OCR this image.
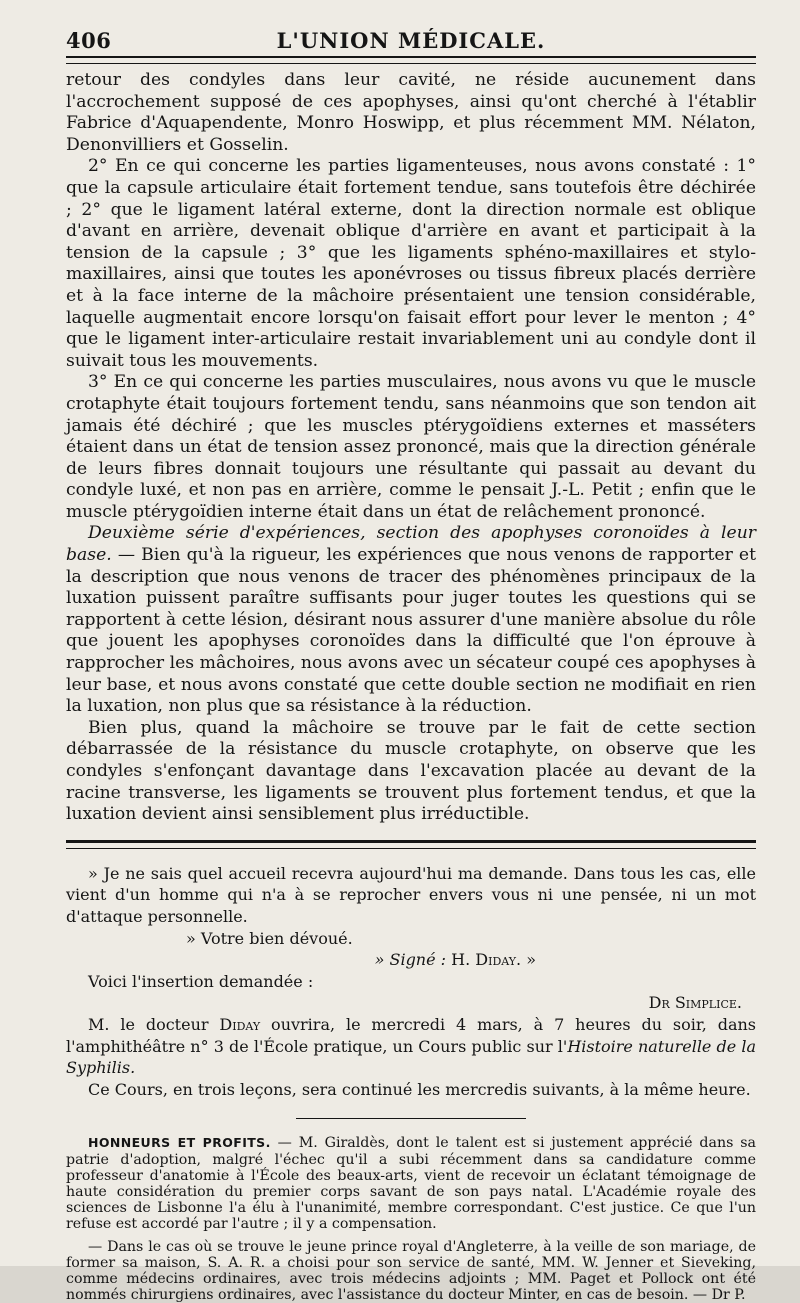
406	L'UNION MÉDICALE.

retour des condyles dans leur cavité, ne réside aucunement dans l'accrochement supposé de ces apophyses, ainsi qu'ont cherché à l'établir Fabrice d'Aquapendente, Monro Hoswipp, et plus récemment MM. Nélaton, Denonvilliers et Gosselin.

2° En ce qui concerne les parties ligamenteuses, nous avons constaté : 1° que la capsule articulaire était fortement tendue, sans toutefois être déchirée ; 2° que le ligament latéral externe, dont la direction normale est oblique d'avant en arrière, devenait oblique d'arrière en avant et participait à la tension de la capsule ; 3° que les ligaments sphéno-maxillaires et stylo-maxillaires, ainsi que toutes les aponévroses ou tissus fibreux placés derrière et à la face interne de la mâchoire présentaient une tension considérable, laquelle augmentait encore lorsqu'on faisait effort pour lever le menton ; 4° que le ligament inter-articulaire restait invariablement uni au condyle dont il suivait tous les mouvements.

3° En ce qui concerne les parties musculaires, nous avons vu que le muscle crotaphyte était toujours fortement tendu, sans néanmoins que son tendon ait jamais été déchiré ; que les muscles ptérygoïdiens externes et masséters étaient dans un état de tension assez prononcé, mais que la direction générale de leurs fibres donnait toujours une résultante qui passait au devant du condyle luxé, et non pas en arrière, comme le pensait J.-L. Petit ; enfin que le muscle ptérygoïdien interne était dans un état de relâchement prononcé.

Deuxième série d'expériences, section des apophyses coronoïdes à leur base. — Bien qu'à la rigueur, les expériences que nous venons de rapporter et la description que nous venons de tracer des phénomènes principaux de la luxation puissent paraître suffisants pour juger toutes les questions qui se rapportent à cette lésion, désirant nous assurer d'une manière absolue du rôle que jouent les apophyses coronoïdes dans la difficulté que l'on éprouve à rapprocher les mâchoires, nous avons avec un sécateur coupé ces apophyses à leur base, et nous avons constaté que cette double section ne modifiait en rien la luxation, non plus que sa résistance à la réduction.

Bien plus, quand la mâchoire se trouve par le fait de cette section débarrassée de la résistance du muscle crotaphyte, on observe que les condyles s'enfonçant davantage dans l'excavation placée au devant de la racine transverse, les ligaments se trouvent plus fortement tendus, et que la luxation devient ainsi sensiblement plus irréductible.

» Je ne sais quel accueil recevra aujourd'hui ma demande. Dans tous les cas, elle vient d'un homme qui n'a à se reprocher envers vous ni une pensée, ni un mot d'attaque personnelle.

» Votre bien dévoué.

» Signé : H. Diday. »

Voici l'insertion demandée :

Dr Simplice.

M. le docteur Diday ouvrira, le mercredi 4 mars, à 7 heures du soir, dans l'amphithéâtre n° 3 de l'École pratique, un Cours public sur l'Histoire naturelle de la Syphilis.

Ce Cours, en trois leçons, sera continué les mercredis suivants, à la même heure.

HONNEURS ET PROFITS. — M. Giraldès, dont le talent est si justement apprécié dans sa patrie d'adoption, malgré l'échec qu'il a subi récemment dans sa candidature comme professeur d'anatomie à l'École des beaux-arts, vient de recevoir un éclatant témoignage de haute considération du premier corps savant de son pays natal. L'Académie royale des sciences de Lisbonne l'a élu à l'unanimité, membre correspondant. C'est justice. Ce que l'un refuse est accordé par l'autre ; il y a compensation.

— Dans le cas où se trouve le jeune prince royal d'Angleterre, à la veille de son mariage, de former sa maison, S. A. R. a choisi pour son service de santé, MM. W. Jenner et Sieveking, comme médecins ordinaires, avec trois médecins adjoints ; MM. Paget et Pollock ont été nommés chirurgiens ordinaires, avec l'assistance du docteur Minter, en cas de besoin. — Dr P.
